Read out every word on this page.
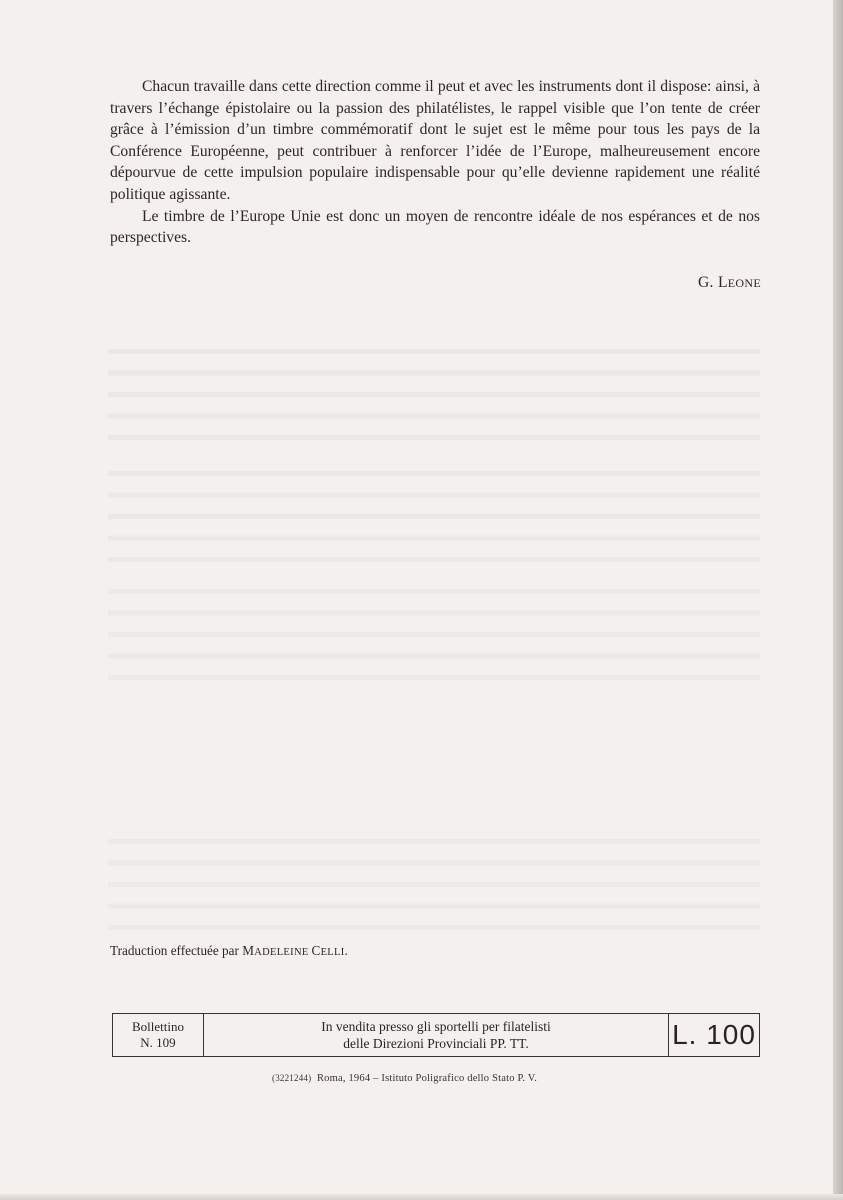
Chacun travaille dans cette direction comme il peut et avec les instruments dont il dispose: ainsi, à travers l’échange épistolaire ou la passion des philatélistes, le rappel visible que l’on tente de créer grâce à l’émission d’un timbre commémoratif dont le sujet est le même pour tous les pays de la Conférence Européenne, peut contribuer à renforcer l’idée de l’Europe, malheureusement encore dépourvue de cette impulsion populaire indispensable pour qu’elle devienne rapidement une réalité politique agissante.

Le timbre de l’Europe Unie est donc un moyen de rencontre idéale de nos espérances et de nos perspectives.

G. LEONE
Traduction effectuée par MADELEINE CELLI.
Bollettino
N. 109
In vendita presso gli sportelli per filatelisti
delle Direzioni Provinciali PP. TT.	L. 100
(3221244) Roma, 1964 – Istituto Poligrafico dello Stato P. V.
